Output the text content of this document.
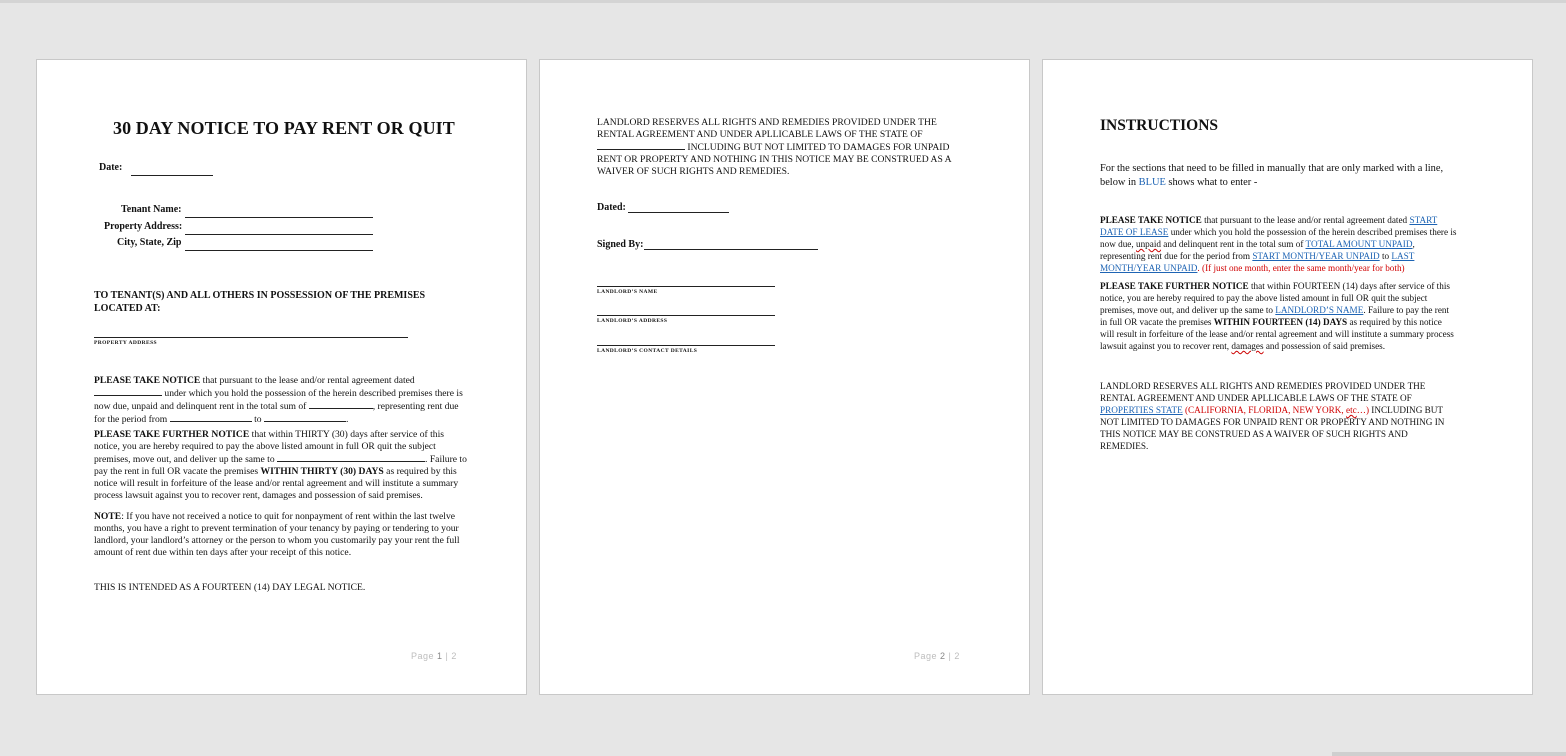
30 DAY NOTICE TO PAY RENT OR QUIT
Date:
Tenant Name:
Property Address:
City, State, Zip
TO TENANT(S) AND ALL OTHERS IN POSSESSION OF THE PREMISES LOCATED AT:
PROPERTY ADDRESS
PLEASE TAKE NOTICE that pursuant to the lease and/or rental agreement dated
under which you hold the possession of the herein described premises there is
now due, unpaid and delinquent rent in the total sum of	, representing rent due
for the period from	to	.
PLEASE TAKE FURTHER NOTICE that within THIRTY (30) days after service of this
notice, you are hereby required to pay the above listed amount in full OR quit the subject
premises, move out, and deliver up the same to	. Failure to
pay the rent in full OR vacate the premises WITHIN THIRTY (30) DAYS as required by this
notice will result in forfeiture of the lease and/or rental agreement and will institute a summary
process lawsuit against you to recover rent, damages and possession of said premises.
NOTE: If you have not received a notice to quit for nonpayment of rent within the last twelve
months, you have a right to prevent termination of your tenancy by paying or tendering to your
landlord, your landlord’s attorney or the person to whom you customarily pay your rent the full
amount of rent due within ten days after your receipt of this notice.
THIS IS INTENDED AS A FOURTEEN (14) DAY LEGAL NOTICE.
Page 1 | 2
LANDLORD RESERVES ALL RIGHTS AND REMEDIES PROVIDED UNDER THE
RENTAL AGREEMENT AND UNDER APLLICABLE LAWS OF THE STATE OF
INCLUDING BUT NOT LIMITED TO DAMAGES FOR UNPAID
RENT OR PROPERTY AND NOTHING IN THIS NOTICE MAY BE CONSTRUED AS A
WAIVER OF SUCH RIGHTS AND REMEDIES.
Dated:
Signed By:
LANDLORD’S NAME
LANDLORD’S ADDRESS
LANDLORD’S CONTACT DETAILS
Page 2 | 2
INSTRUCTIONS
For the sections that need to be filled in manually that are only marked with a line,
below in BLUE shows what to enter -
PLEASE TAKE NOTICE that pursuant to the lease and/or rental agreement dated START
DATE OF LEASE under which you hold the possession of the herein described premises there is
now due, unpaid and delinquent rent in the total sum of TOTAL AMOUNT UNPAID,
representing rent due for the period from START MONTH/YEAR UNPAID to LAST
MONTH/YEAR UNPAID. (If just one month, enter the same month/year for both)
PLEASE TAKE FURTHER NOTICE that within FOURTEEN (14) days after service of this
notice, you are hereby required to pay the above listed amount in full OR quit the subject
premises, move out, and deliver up the same to LANDLORD’S NAME. Failure to pay the rent
in full OR vacate the premises WITHIN FOURTEEN (14) DAYS as required by this notice
will result in forfeiture of the lease and/or rental agreement and will institute a summary process
lawsuit against you to recover rent, damages and possession of said premises.
LANDLORD RESERVES ALL RIGHTS AND REMEDIES PROVIDED UNDER THE
RENTAL AGREEMENT AND UNDER APLLICABLE LAWS OF THE STATE OF
PROPERTIES STATE (CALIFORNIA, FLORIDA, NEW YORK, etc…) INCLUDING BUT
NOT LIMITED TO DAMAGES FOR UNPAID RENT OR PROPERTY AND NOTHING IN
THIS NOTICE MAY BE CONSTRUED AS A WAIVER OF SUCH RIGHTS AND
REMEDIES.
